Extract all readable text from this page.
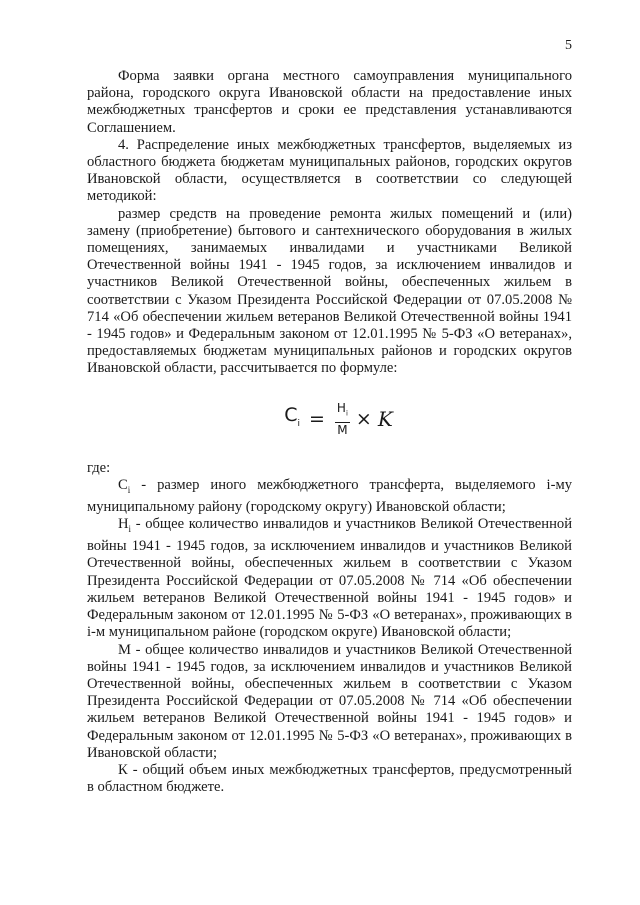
5

Форма заявки органа местного самоуправления муниципального района, городского округа Ивановской области на предоставление иных межбюджетных трансфертов и сроки ее представления устанавливаются Соглашением.

4. Распределение иных межбюджетных трансфертов, выделяемых из областного бюджета бюджетам муниципальных районов, городских округов Ивановской области, осуществляется в соответствии со следующей методикой:

размер средств на проведение ремонта жилых помещений и (или) замену (приобретение) бытового и сантехнического оборудования в жилых помещениях, занимаемых инвалидами и участниками Великой Отечественной войны 1941 - 1945 годов, за исключением инвалидов и участников Великой Отечественной войны, обеспеченных жильем в соответствии с Указом Президента Российской Федерации от 07.05.2008 № 714 «Об обеспечении жильем ветеранов Великой Отечественной войны 1941 - 1945 годов» и Федеральным законом от 12.01.1995 № 5-ФЗ «О ветеранах», предоставляемых бюджетам муниципальных районов и городских округов Ивановской области, рассчитывается по формуле:

$C_i = \frac{Н_i}{М} \times K$

где:

$С_i$ - размер иного межбюджетного трансферта, выделяемого i-му муниципальному району (городскому округу) Ивановской области;

$Н_i$ - общее количество инвалидов и участников Великой Отечественной войны 1941 - 1945 годов, за исключением инвалидов и участников Великой Отечественной войны, обеспеченных жильем в соответствии с Указом Президента Российской Федерации от 07.05.2008 № 714 «Об обеспечении жильем ветеранов Великой Отечественной войны 1941 - 1945 годов» и Федеральным законом от 12.01.1995 № 5-ФЗ «О ветеранах», проживающих в i-м муниципальном районе (городском округе) Ивановской области;

М - общее количество инвалидов и участников Великой Отечественной войны 1941 - 1945 годов, за исключением инвалидов и участников Великой Отечественной войны, обеспеченных жильем в соответствии с Указом Президента Российской Федерации от 07.05.2008 № 714 «Об обеспечении жильем ветеранов Великой Отечественной войны 1941 - 1945 годов» и Федеральным законом от 12.01.1995 № 5-ФЗ «О ветеранах», проживающих в Ивановской области;

К - общий объем иных межбюджетных трансфертов, предусмотренный в областном бюджете.
